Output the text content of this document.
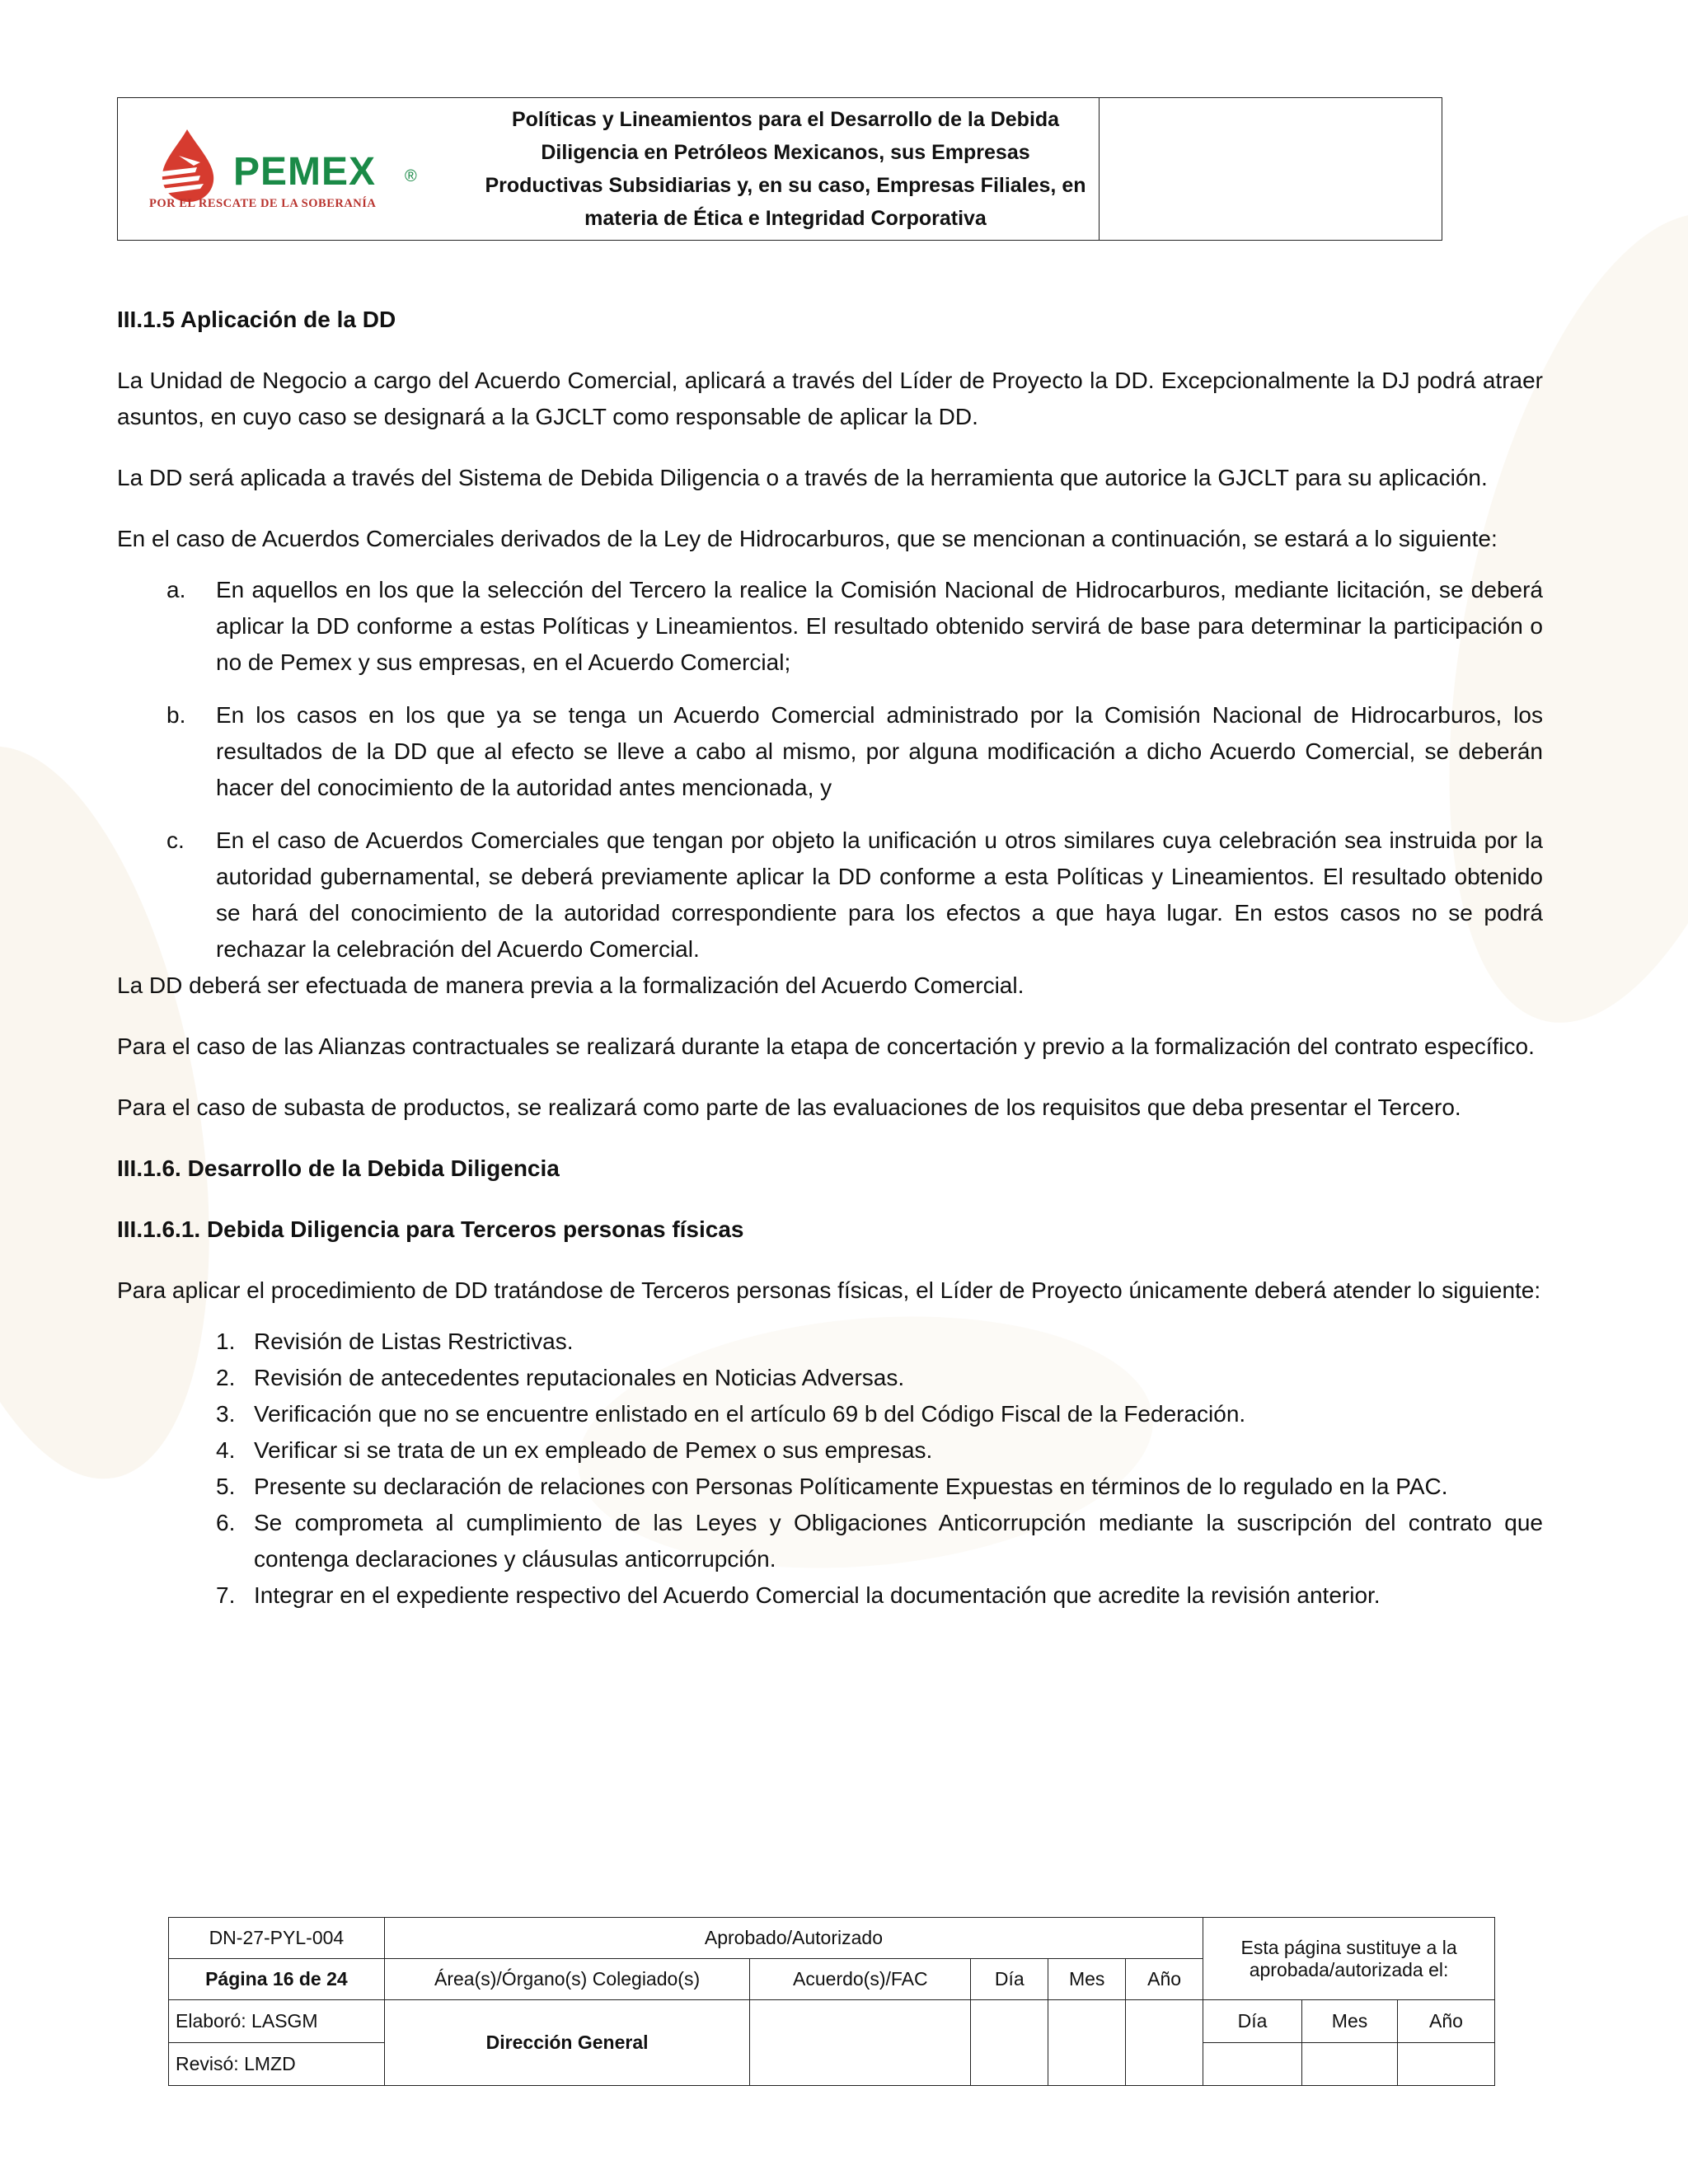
PEMEX ®
POR EL RESCATE DE LA SOBERANÍA
Políticas y Lineamientos para el Desarrollo de la Debida Diligencia en Petróleos Mexicanos, sus Empresas Productivas Subsidiarias y, en su caso, Empresas Filiales, en materia de Ética e Integridad Corporativa

III.1.5 Aplicación de la DD

La Unidad de Negocio a cargo del Acuerdo Comercial, aplicará a través del Líder de Proyecto la DD. Excepcionalmente la DJ podrá atraer asuntos, en cuyo caso se designará a la GJCLT como responsable de aplicar la DD.

La DD será aplicada a través del Sistema de Debida Diligencia o a través de la herramienta que autorice la GJCLT para su aplicación.

En el caso de Acuerdos Comerciales derivados de la Ley de Hidrocarburos, que se mencionan a continuación, se estará a lo siguiente:

a.	En aquellos en los que la selección del Tercero la realice la Comisión Nacional de Hidrocarburos, mediante licitación, se deberá aplicar la DD conforme a estas Políticas y Lineamientos. El resultado obtenido servirá de base para determinar la participación o no de Pemex y sus empresas, en el Acuerdo Comercial;

b.	En los casos en los que ya se tenga un Acuerdo Comercial administrado por la Comisión Nacional de Hidrocarburos, los resultados de la DD que al efecto se lleve a cabo al mismo, por alguna modificación a dicho Acuerdo Comercial, se deberán hacer del conocimiento de la autoridad antes mencionada, y

c.	En el caso de Acuerdos Comerciales que tengan por objeto la unificación u otros similares cuya celebración sea instruida por la autoridad gubernamental, se deberá previamente aplicar la DD conforme a esta Políticas y Lineamientos. El resultado obtenido se hará del conocimiento de la autoridad correspondiente para los efectos a que haya lugar. En estos casos no se podrá rechazar la celebración del Acuerdo Comercial.

La DD deberá ser efectuada de manera previa a la formalización del Acuerdo Comercial.

Para el caso de las Alianzas contractuales se realizará durante la etapa de concertación y previo a la formalización del contrato específico.

Para el caso de subasta de productos, se realizará como parte de las evaluaciones de los requisitos que deba presentar el Tercero.

III.1.6. Desarrollo de la Debida Diligencia

III.1.6.1. Debida Diligencia para Terceros personas físicas

Para aplicar el procedimiento de DD tratándose de Terceros personas físicas, el Líder de Proyecto únicamente deberá atender lo siguiente:

1. Revisión de Listas Restrictivas.

2. Revisión de antecedentes reputacionales en Noticias Adversas.

3. Verificación que no se encuentre enlistado en el artículo 69 b del Código Fiscal de la Federación.

4. Verificar si se trata de un ex empleado de Pemex o sus empresas.

5. Presente su declaración de relaciones con Personas Políticamente Expuestas en términos de lo regulado en la PAC.

6. Se comprometa al cumplimiento de las Leyes y Obligaciones Anticorrupción mediante la suscripción del contrato que contenga declaraciones y cláusulas anticorrupción.

7. Integrar en el expediente respectivo del Acuerdo Comercial la documentación que acredite la revisión anterior.

DN-27-PYL-004	Aprobado/Autorizado					Esta página sustituye a la aprobada/autorizada el:		
Página 16 de 24	Área(s)/Órgano(s) Colegiado(s)	Acuerdo(s)/FAC	Día	Mes	Año			
Elaboró: LASGM	Dirección General					Día	Mes	Año
Revisó: LMZD								
